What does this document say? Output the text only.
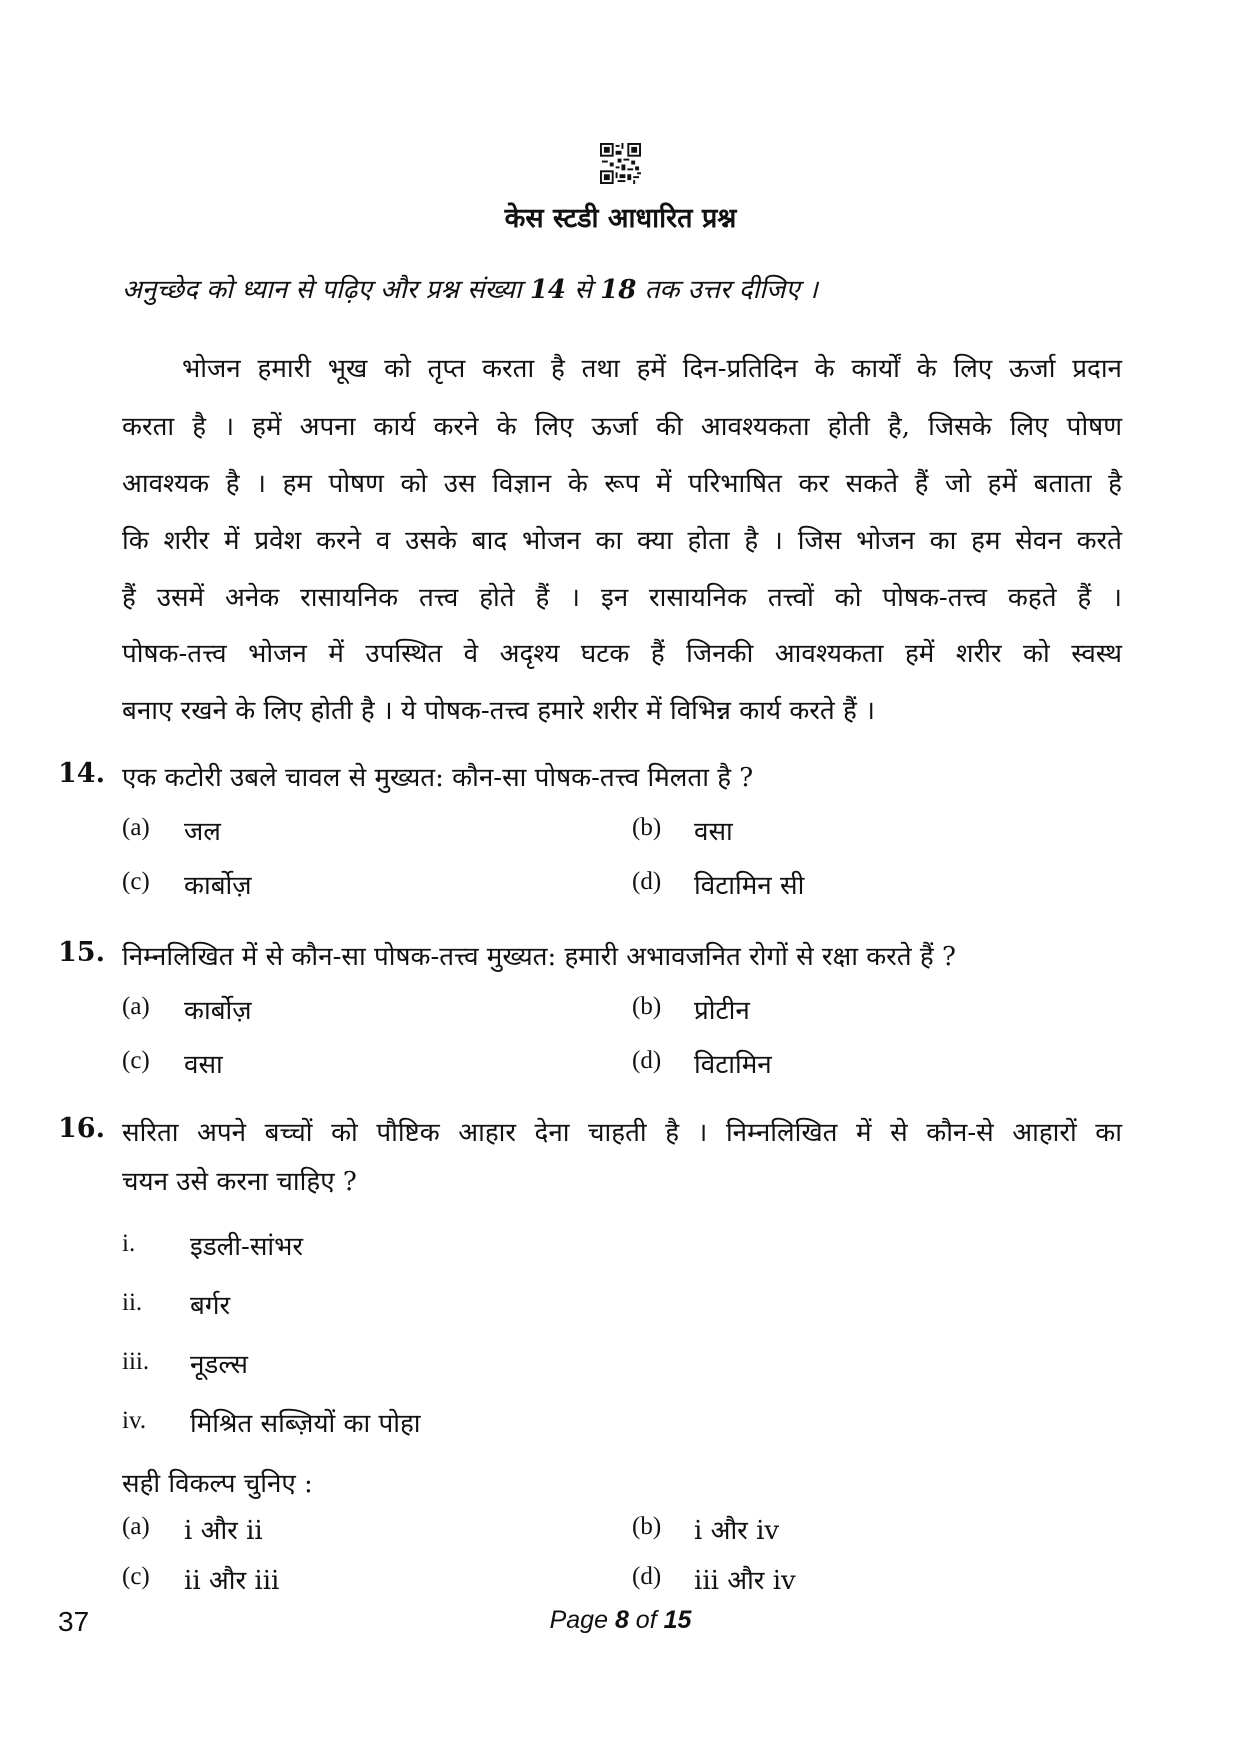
केस स्टडी आधारित प्रश्न
अनुच्छेद को ध्यान से पढ़िए और प्रश्न संख्या 14 से 18 तक उत्तर दीजिए ।
भोजन हमारी भूख को तृप्त करता है तथा हमें दिन-प्रतिदिन के कार्यों के लिए ऊर्जा प्रदान
करता है । हमें अपना कार्य करने के लिए ऊर्जा की आवश्यकता होती है, जिसके लिए पोषण
आवश्यक है । हम पोषण को उस विज्ञान के रूप में परिभाषित कर सकते हैं जो हमें बताता है
कि शरीर में प्रवेश करने व उसके बाद भोजन का क्या होता है । जिस भोजन का हम सेवन करते
हैं उसमें अनेक रासायनिक तत्त्व होते हैं । इन रासायनिक तत्त्वों को पोषक-तत्त्व कहते हैं ।
पोषक-तत्त्व भोजन में उपस्थित वे अदृश्य घटक हैं जिनकी आवश्यकता हमें शरीर को स्वस्थ
बनाए रखने के लिए होती है । ये पोषक-तत्त्व हमारे शरीर में विभिन्न कार्य करते हैं ।
14. एक कटोरी उबले चावल से मुख्यत: कौन-सा पोषक-तत्त्व मिलता है ?
(a) जल	(b) वसा
(c) कार्बोज़	(d) विटामिन सी
15. निम्नलिखित में से कौन-सा पोषक-तत्त्व मुख्यत: हमारी अभावजनित रोगों से रक्षा करते हैं ?
(a) कार्बोज़	(b) प्रोटीन
(c) वसा	(d) विटामिन
16. सरिता अपने बच्चों को पौष्टिक आहार देना चाहती है । निम्नलिखित में से कौन-से आहारों का
चयन उसे करना चाहिए ?
i. इडली-सांभर
ii. बर्गर
iii. नूडल्स
iv. मिश्रित सब्ज़ियों का पोहा
सही विकल्प चुनिए :
(a) i और ii	(b) i और iv
(c) ii और iii	(d) iii और iv
37	Page 8 of 15
